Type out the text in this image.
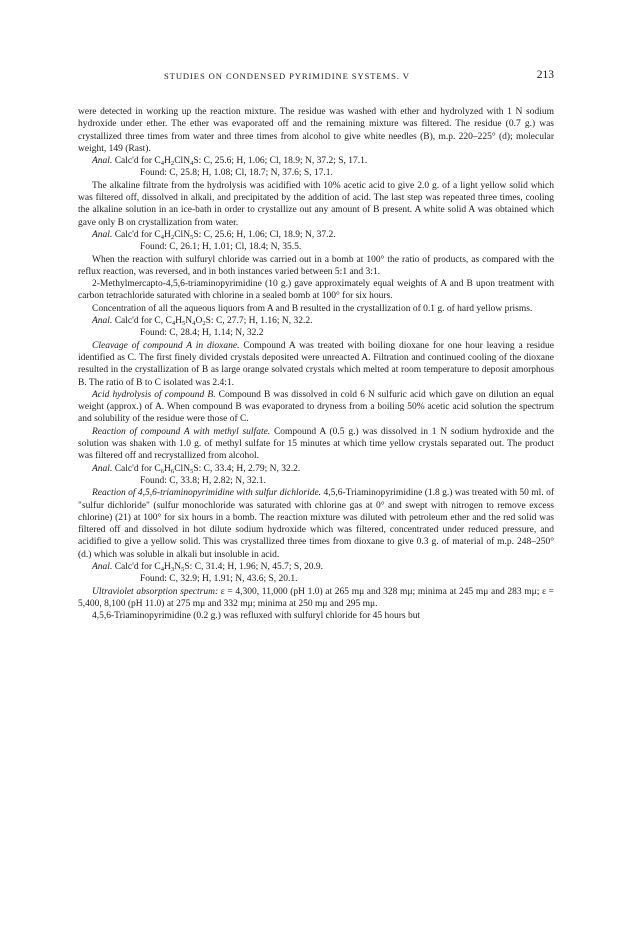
STUDIES ON CONDENSED PYRIMIDINE SYSTEMS. V	213

were detected in working up the reaction mixture. The residue was washed with ether and hydrolyzed with 1 N sodium hydroxide under ether. The ether was evaporated off and the remaining mixture was filtered. The residue (0.7 g.) was crystallized three times from water and three times from alcohol to give white needles (B), m.p. 220–225° (d); molecular weight, 149 (Rast).

Anal. Calc'd for $C_4H_2ClN_4S$: C, 25.6; H, 1.06; Cl, 18.9; N, 37.2; S, 17.1.

Found: C, 25.8; H, 1.08; Cl, 18.7; N, 37.6; S, 17.1.

The alkaline filtrate from the hydrolysis was acidified with 10% acetic acid to give 2.0 g. of a light yellow solid which was filtered off, dissolved in alkali, and precipitated by the addition of acid. The last step was repeated three times, cooling the alkaline solution in an ice-bath in order to crystallize out any amount of B present. A white solid A was obtained which gave only B on crystallization from water.

Anal. Calc'd for $C_4H_2ClN_5S$: C, 25.6; H, 1.06; Cl, 18.9; N, 37.2.

Found: C, 26.1; H, 1.01; Cl, 18.4; N, 35.5.

When the reaction with sulfuryl chloride was carried out in a bomb at 100° the ratio of products, as compared with the reflux reaction, was reversed, and in both instances varied between 5:1 and 3:1.

2-Methylmercapto-4,5,6-triaminopyrimidine (10 g.) gave approximately equal weights of A and B upon treatment with carbon tetrachloride saturated with chlorine in a sealed bomb at 100° for six hours.

Concentration of all the aqueous liquors from A and B resulted in the crystallization of 0.1 g. of hard yellow prisms.

Anal. Calc'd for C, $C_4H_5N_4O_2S$: C, 27.7; H, 1.16; N, 32.2.

Found: C, 28.4; H, 1.14; N, 32.2

Cleavage of compound A in dioxane. Compound A was treated with boiling dioxane for one hour leaving a residue identified as C. The first finely divided crystals deposited were unreacted A. Filtration and continued cooling of the dioxane resulted in the crystallization of B as large orange solvated crystals which melted at room temperature to deposit amorphous B. The ratio of B to C isolated was 2.4:1.

Acid hydrolysis of compound B. Compound B was dissolved in cold 6 N sulfuric acid which gave on dilution an equal weight (approx.) of A. When compound B was evaporated to dryness from a boiling 50% acetic acid solution the spectrum and solubility of the residue were those of C.

Reaction of compound A with methyl sulfate. Compound A (0.5 g.) was dissolved in 1 N sodium hydroxide and the solution was shaken with 1.0 g. of methyl sulfate for 15 minutes at which time yellow crystals separated out. The product was filtered off and recrystallized from alcohol.

Anal. Calc'd for $C_6H_6ClN_5S$: C, 33.4; H, 2.79; N, 32.2.

Found: C, 33.8; H, 2.82; N, 32.1.

Reaction of 4,5,6-triaminopyrimidine with sulfur dichloride. 4,5,6-Triaminopyrimidine (1.8 g.) was treated with 50 ml. of "sulfur dichloride" (sulfur monochloride was saturated with chlorine gas at 0° and swept with nitrogen to remove excess chlorine) (21) at 100° for six hours in a bomb. The reaction mixture was diluted with petroleum ether and the red solid was filtered off and dissolved in hot dilute sodium hydroxide which was filtered, concentrated under reduced pressure, and acidified to give a yellow solid. This was crystallized three times from dioxane to give 0.3 g. of material of m.p. 248–250° (d.) which was soluble in alkali but insoluble in acid.

Anal. Calc'd for $C_4H_3N_5S$: C, 31.4; H, 1.96; N, 45.7; S, 20.9.

Found: C, 32.9; H, 1.91; N, 43.6; S, 20.1.

Ultraviolet absorption spectrum: ε = 4,300, 11,000 (pH 1.0) at 265 mμ and 328 mμ; minima at 245 mμ and 283 mμ; ε = 5,400, 8,100 (pH 11.0) at 275 mμ and 332 mμ; minima at 250 mμ and 295 mμ.

4,5,6-Triaminopyrimidine (0.2 g.) was refluxed with sulfuryl chloride for 45 hours but
